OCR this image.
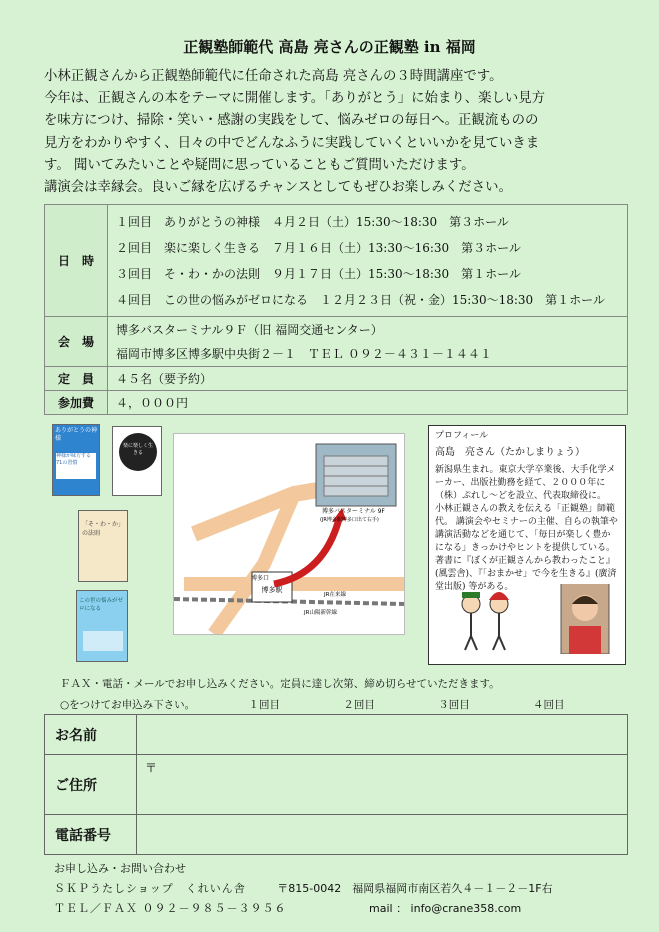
正観塾師範代 高島 亮さんの正観塾 in 福岡
小林正観さんから正観塾師範代に任命された高島 亮さんの３時間講座です。
今年は、正観さんの本をテーマに開催します。「ありがとう」に始まり、楽しい見方
を味方につけ、掃除・笑い・感謝の実践をして、悩みゼロの毎日へ。正観流ものの
見方をわかりやすく、日々の中でどんなふうに実践していくといいかを見ていきま
す。 聞いてみたいことや疑問に思っていることもご質問いただけます。
講演会は幸縁会。良いご縁を広げるチャンスとしてもぜひお楽しみください。
日　時	１回目　ありがとうの神様　４月２日（土）15:30～18:30　第３ホール
２回目　楽に楽しく生きる　７月１６日（土）13:30～16:30　第３ホール
３回目　そ・わ・かの法則　９月１７日（土）15:30～18:30　第１ホール
４回目　この世の悩みがゼロになる　１２月２３日（祝・金）15:30～18:30　第１ホール

会　場	博多バスターミナル９Ｆ（旧 福岡交通センター）
福岡市博多区博多駅中央街２－１　ＴＥＬ ０９２－４３１－１４４１

定　員	４５名（要予約）
参加費	４，０００円
ありがとうの神様
神様が味方する71の習慣
楽に楽しく生きる
「そ・わ・か」の法則
この世の悩みがゼロになる
博多駅
博多口
博多バスターミナル 9F
(JR博多駅博多口出て右手)
JR在来線
JR山陽新幹線
プロフィール
高島　亮さん（たかしまりょう）
新潟県生まれ。東京大学卒業後、大手化学メーカー、出版社勤務を経て、２０００年に（株）ぷれし～どを設立、代表取締役に。　小林正観さんの教えを伝える「正観塾」師範代。 講演会やセミナーの主催、自らの執筆や講演活動などを通じて、「毎日が楽しく豊かになる」きっかけやヒントを提供している。 著書に『ぼくが正観さんから教わったこと』(風雲舎)、『「おまかせ」で今を生きる』(廣済堂出版) 等がある。
ＦＡＸ・電話・メールでお申し込みください。定員に達し次第、締め切らせていただきます。
○をつけてお申込み下さい。	１回目	２回目	３回目	４回目
お名前	
ご住所	〒
電話番号	
お申し込み・お問い合わせ
ＳＫＰうたしショップ　くれいん舎	〒815-0042　福岡県福岡市南区若久４－１－２－1F右
ＴＥＬ／ＦＡＸ ０９２－９８５－３９５６	mail ： info@crane358.com
